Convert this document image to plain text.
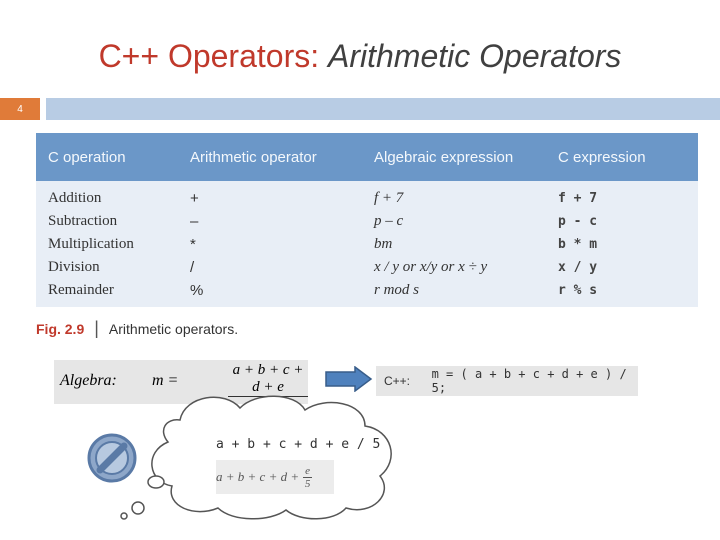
C++ Operators: Arithmetic Operators
4
C operation	Arithmetic operator	Algebraic expression	C expression
Addition	+	f + 7	f + 7
Subtraction	–	p – c	p - c
Multiplication	*	bm	b * m
Division	/	x / y or x/y or x ÷ y	x / y
Remainder	%	r mod s	r % s
Fig. 2.9 | Arithmetic operators.
Algebra: m =
a + b + c + d + e	C++:	m = ( a + b + c + d + e ) / 5;
a + b + c + d + e / 5
$a + b + c + d + \frac{e}{5}$
